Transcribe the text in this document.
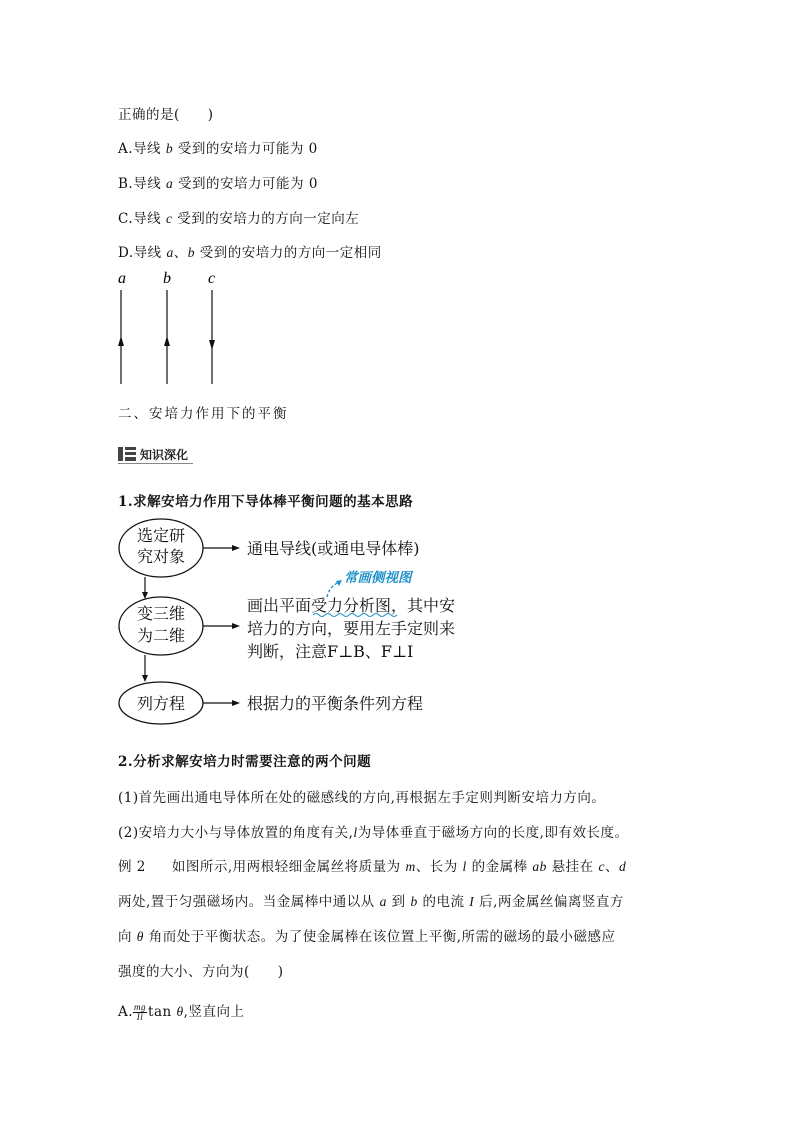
正确的是(　　)
A.导线 b 受到的安培力可能为 0
B.导线 a 受到的安培力可能为 0
C.导线 c 受到的安培力的方向一定向左
D.导线 a、b 受到的安培力的方向一定相同
a b c
二、安培力作用下的平衡
知识深化
1.求解安培力作用下导体棒平衡问题的基本思路
选定研
究对象
变三维
为二维
列方程
通电导线(或通电导体棒)
画出平面受力分析图，其中安
培力的方向，要用左手定则来
判断，注意F⊥B、F⊥I
根据力的平衡条件列方程
常画侧视图
2.分析求解安培力时需要注意的两个问题
(1)首先画出通电导体所在处的磁感线的方向,再根据左手定则判断安培力方向。
(2)安培力大小与导体放置的角度有关,l为导体垂直于磁场方向的长度,即有效长度。
例 2 如图所示,用两根轻细金属丝将质量为 m、长为 l 的金属棒 ab 悬挂在 c、d
两处,置于匀强磁场内。当金属棒中通以从 a 到 b 的电流 I 后,两金属丝偏离竖直方
向 θ 角而处于平衡状态。为了使金属棒在该位置上平衡,所需的磁场的最小磁感应
强度的大小、方向为(　　)
A. $\frac{mg}{Il}$ tan θ,竖直向上
